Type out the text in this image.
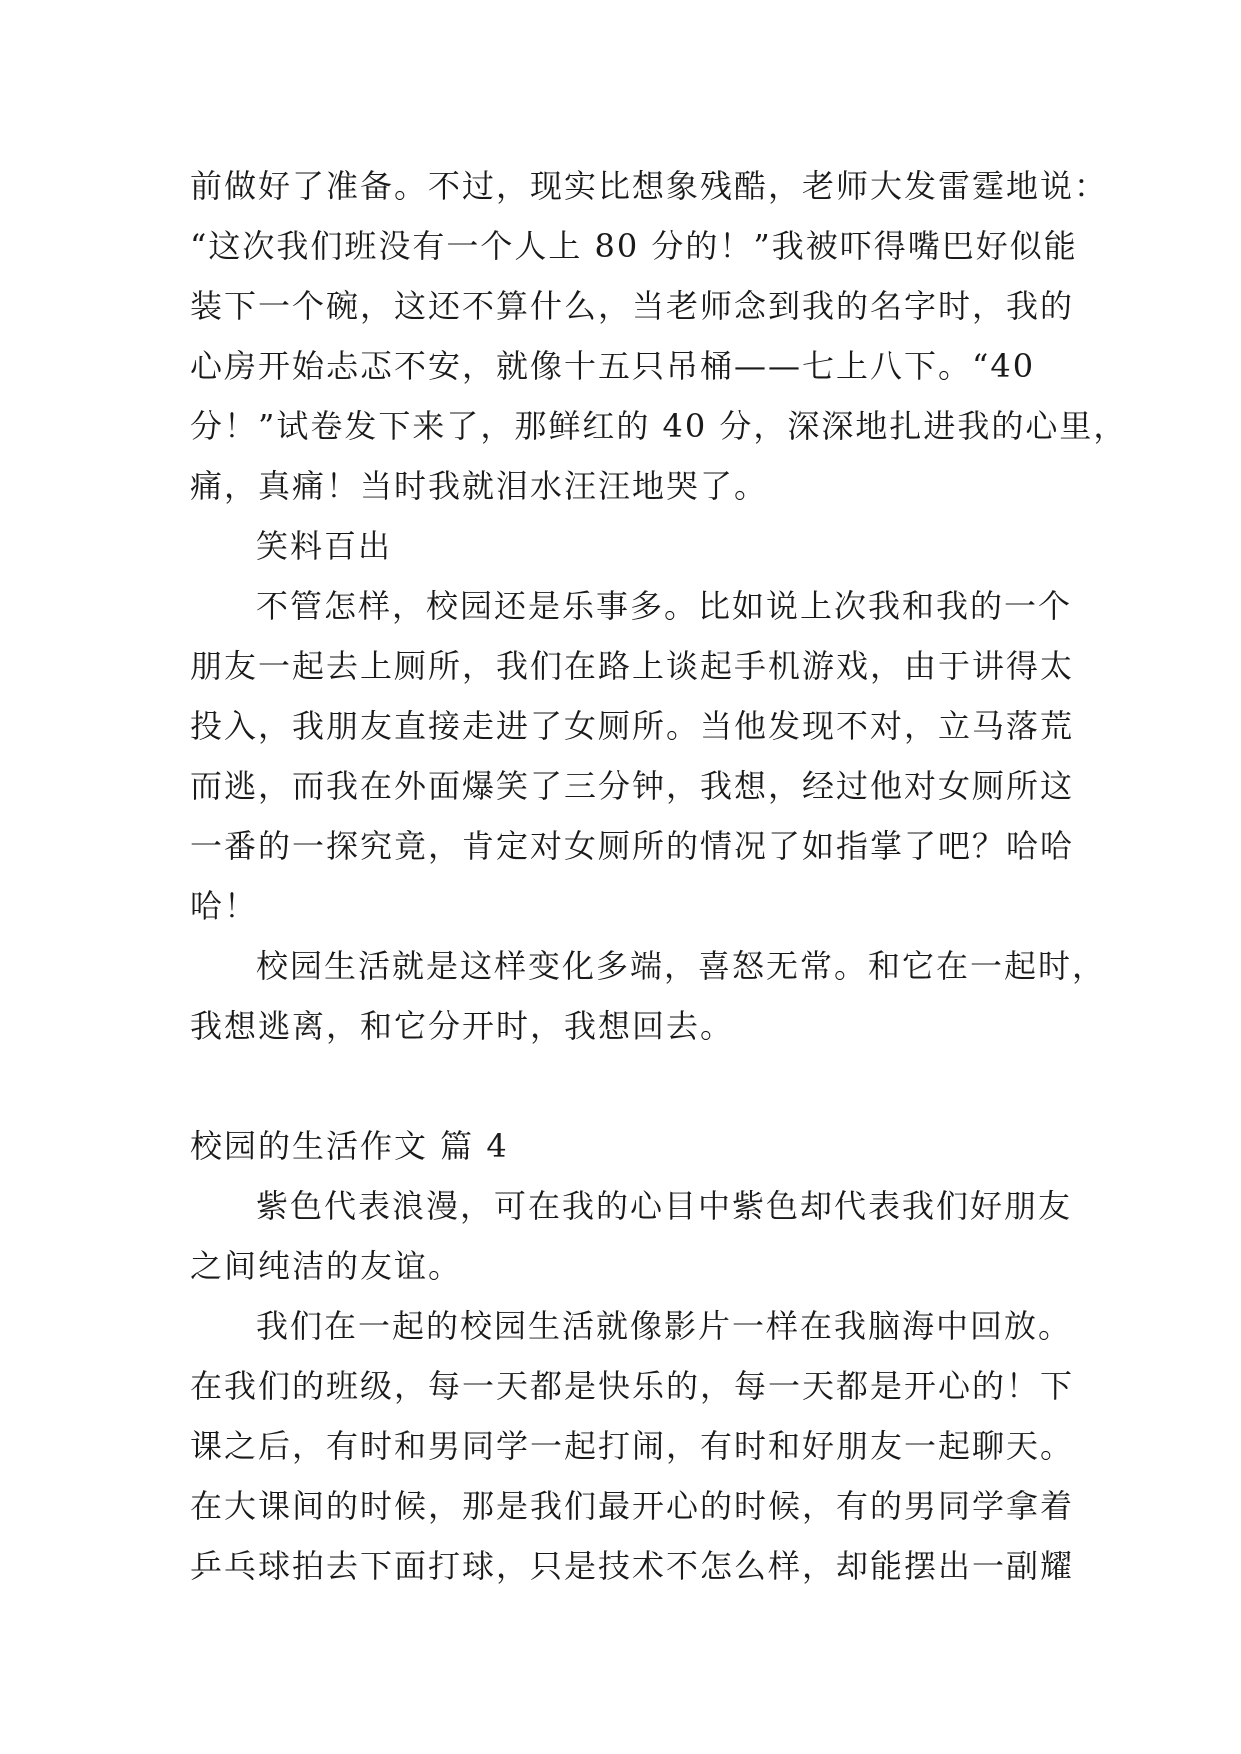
前做好了准备。不过，现实比想象残酷，老师大发雷霆地说：
“这次我们班没有一个人上 80 分的！”我被吓得嘴巴好似能
装下一个碗，这还不算什么，当老师念到我的名字时，我的
心房开始忐忑不安，就像十五只吊桶——七上八下。“40
分！”试卷发下来了，那鲜红的 40 分，深深地扎进我的心里，
痛，真痛！当时我就泪水汪汪地哭了。
笑料百出
不管怎样，校园还是乐事多。比如说上次我和我的一个
朋友一起去上厕所，我们在路上谈起手机游戏，由于讲得太
投入，我朋友直接走进了女厕所。当他发现不对，立马落荒
而逃，而我在外面爆笑了三分钟，我想，经过他对女厕所这
一番的一探究竟，肯定对女厕所的情况了如指掌了吧？哈哈
哈！
校园生活就是这样变化多端，喜怒无常。和它在一起时，
我想逃离，和它分开时，我想回去。
校园的生活作文 篇 4
紫色代表浪漫，可在我的心目中紫色却代表我们好朋友
之间纯洁的友谊。
我们在一起的校园生活就像影片一样在我脑海中回放。
在我们的班级，每一天都是快乐的，每一天都是开心的！下
课之后，有时和男同学一起打闹，有时和好朋友一起聊天。
在大课间的时候，那是我们最开心的时候，有的男同学拿着
乒乓球拍去下面打球，只是技术不怎么样，却能摆出一副耀
